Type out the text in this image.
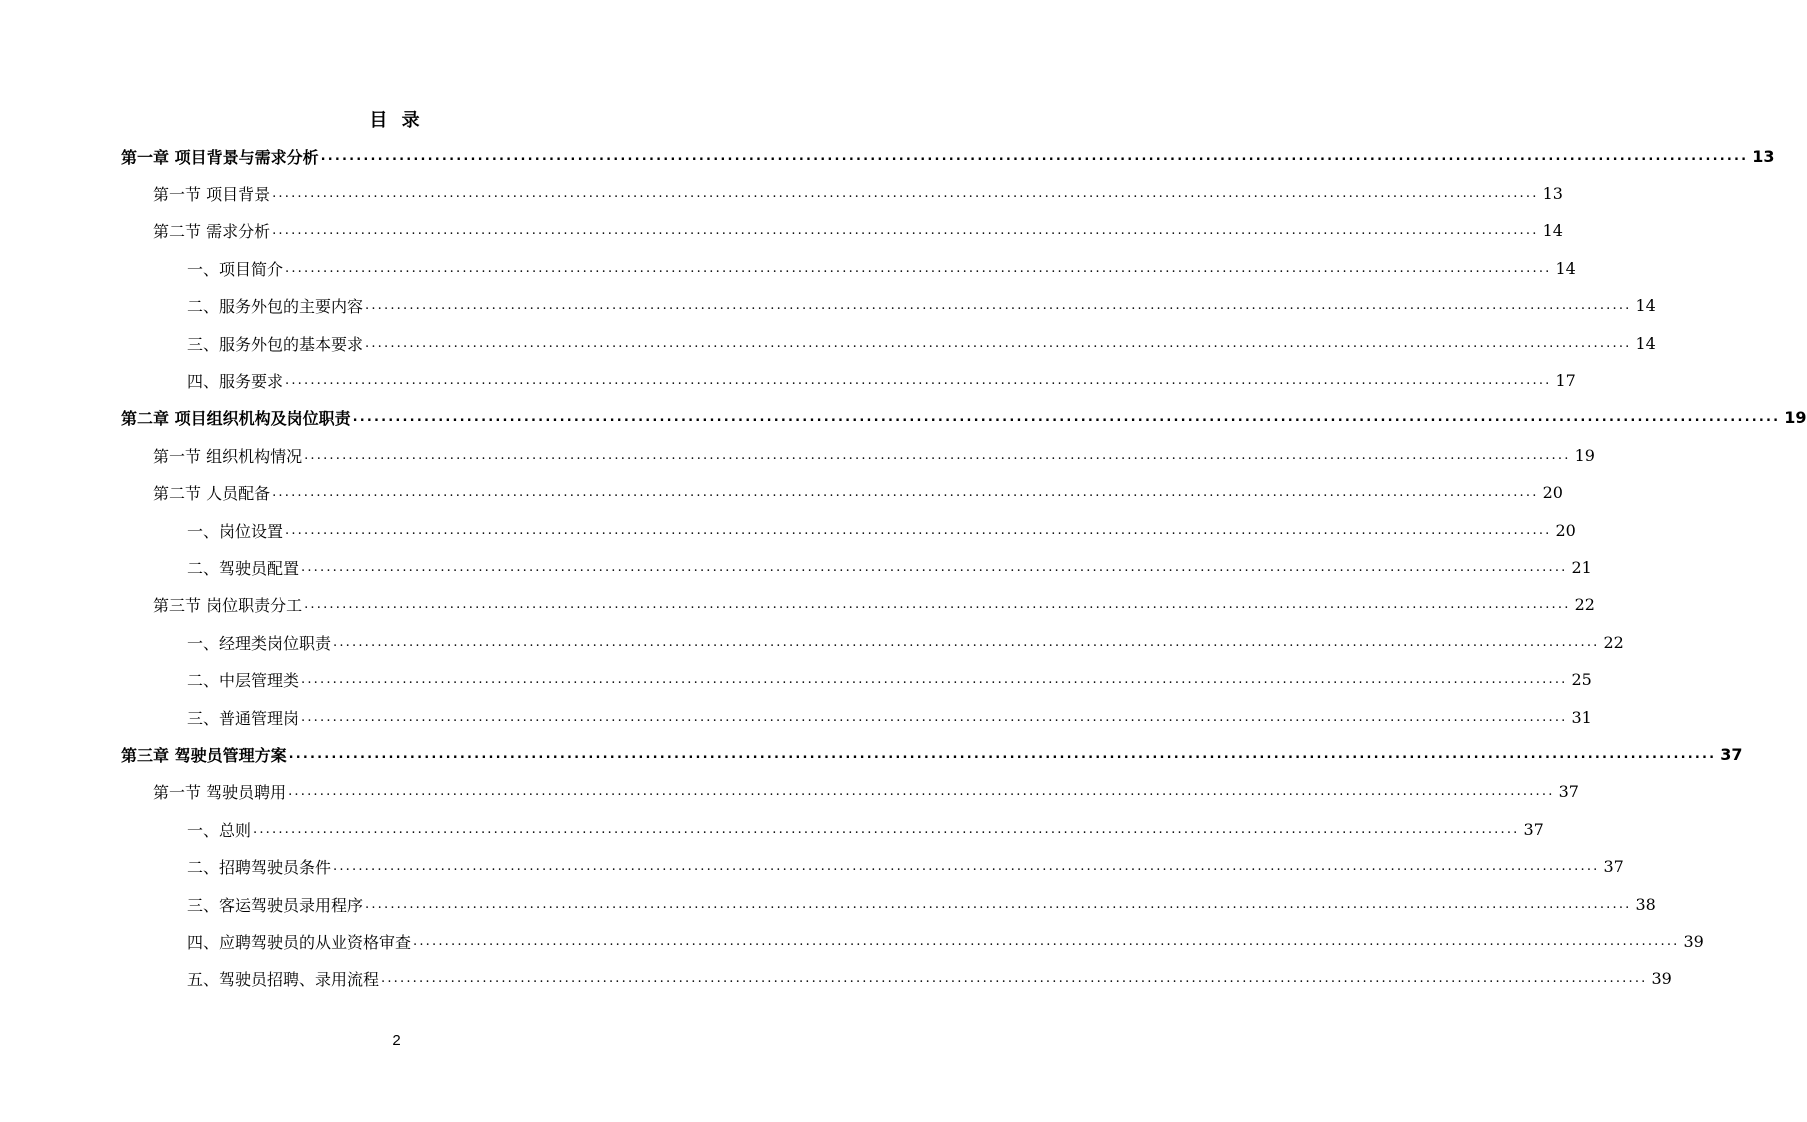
目 录
第一章 项目背景与需求分析 ........................................................................................................................................................................................................ 13
第一节 项目背景 ........................................................................................................................................................................................................ 13
第二节 需求分析 ........................................................................................................................................................................................................ 14
一、项目简介 ........................................................................................................................................................................................................ 14
二、服务外包的主要内容 ........................................................................................................................................................................................................ 14
三、服务外包的基本要求 ........................................................................................................................................................................................................ 14
四、服务要求 ........................................................................................................................................................................................................ 17
第二章 项目组织机构及岗位职责 ........................................................................................................................................................................................................ 19
第一节 组织机构情况 ........................................................................................................................................................................................................ 19
第二节 人员配备 ........................................................................................................................................................................................................ 20
一、岗位设置 ........................................................................................................................................................................................................ 20
二、驾驶员配置 ........................................................................................................................................................................................................ 21
第三节 岗位职责分工 ........................................................................................................................................................................................................ 22
一、经理类岗位职责 ........................................................................................................................................................................................................ 22
二、中层管理类 ........................................................................................................................................................................................................ 25
三、普通管理岗 ........................................................................................................................................................................................................ 31
第三章 驾驶员管理方案 ........................................................................................................................................................................................................ 37
第一节 驾驶员聘用 ........................................................................................................................................................................................................ 37
一、总则 ........................................................................................................................................................................................................ 37
二、招聘驾驶员条件 ........................................................................................................................................................................................................ 37
三、客运驾驶员录用程序 ........................................................................................................................................................................................................ 38
四、应聘驾驶员的从业资格审查 ........................................................................................................................................................................................................ 39
五、驾驶员招聘、录用流程 ........................................................................................................................................................................................................ 39
2
